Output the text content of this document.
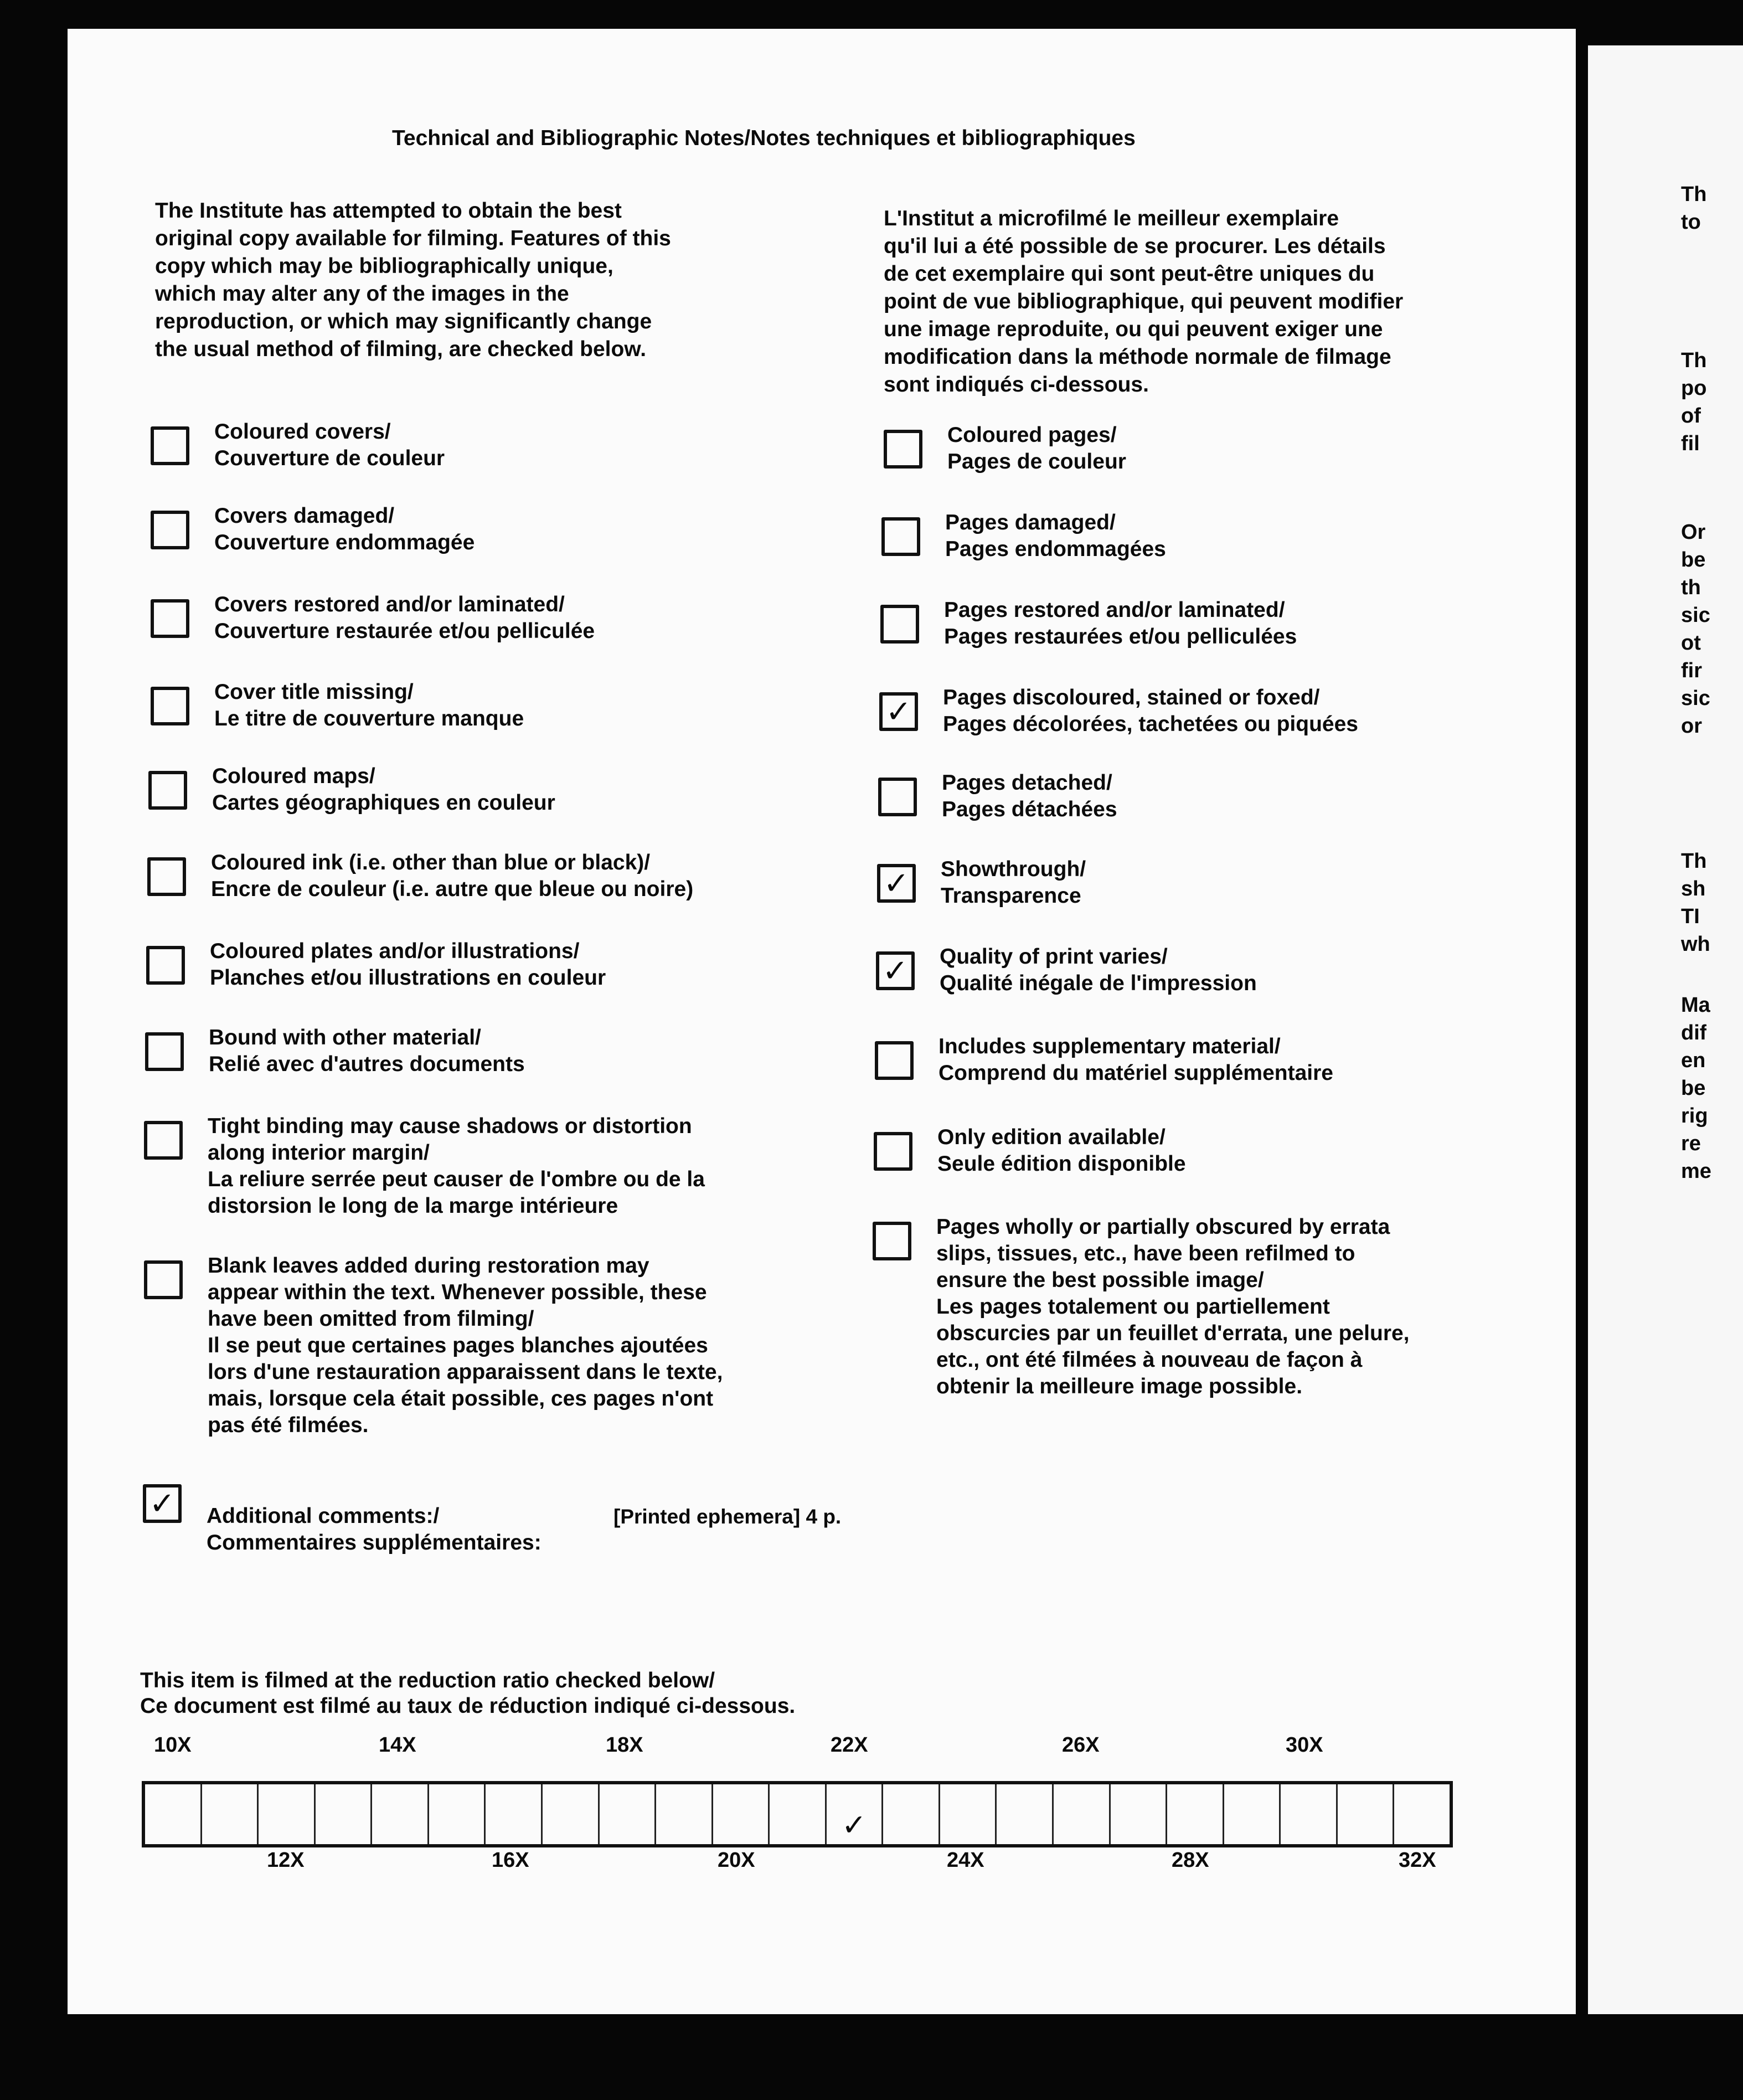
Technical and Bibliographic Notes/Notes techniques et bibliographiques
The Institute has attempted to obtain the best
original copy available for filming. Features of this
copy which may be bibliographically unique,
which may alter any of the images in the
reproduction, or which may significantly change
the usual method of filming, are checked below.
L'Institut a microfilmé le meilleur exemplaire
qu'il lui a été possible de se procurer. Les détails
de cet exemplaire qui sont peut-être uniques du
point de vue bibliographique, qui peuvent modifier
une image reproduite, ou qui peuvent exiger une
modification dans la méthode normale de filmage
sont indiqués ci-dessous.
Coloured covers/
Couverture de couleur
Covers damaged/
Couverture endommagée
Covers restored and/or laminated/
Couverture restaurée et/ou pelliculée
Cover title missing/
Le titre de couverture manque
Coloured maps/
Cartes géographiques en couleur
Coloured ink (i.e. other than blue or black)/
Encre de couleur (i.e. autre que bleue ou noire)
Coloured plates and/or illustrations/
Planches et/ou illustrations en couleur
Bound with other material/
Relié avec d'autres documents
Tight binding may cause shadows or distortion
along interior margin/
La reliure serrée peut causer de l'ombre ou de la
distorsion le long de la marge intérieure
Blank leaves added during restoration may
appear within the text. Whenever possible, these
have been omitted from filming/
Il se peut que certaines pages blanches ajoutées
lors d'une restauration apparaissent dans le texte,
mais, lorsque cela était possible, ces pages n'ont
pas été filmées.
Coloured pages/
Pages de couleur
Pages damaged/
Pages endommagées
Pages restored and/or laminated/
Pages restaurées et/ou pelliculées
✓ Pages discoloured, stained or foxed/
Pages décolorées, tachetées ou piquées
Pages detached/
Pages détachées
✓ Showthrough/
Transparence
✓ Quality of print varies/
Qualité inégale de l'impression
Includes supplementary material/
Comprend du matériel supplémentaire
Only edition available/
Seule édition disponible
Pages wholly or partially obscured by errata
slips, tissues, etc., have been refilmed to
ensure the best possible image/
Les pages totalement ou partiellement
obscurcies par un feuillet d'errata, une pelure,
etc., ont été filmées à nouveau de façon à
obtenir la meilleure image possible.
✓ Additional comments:/
Commentaires supplémentaires:

[Printed ephemera] 4 p.
This item is filmed at the reduction ratio checked below/
Ce document est filmé au taux de réduction indiqué ci-dessous.
10X	14X	18X	22X	26X	30X
✓
12X	16X	20X	24X	28X	32X
Th
to
Th
po
of
fil
Or
be
th
sic
ot
fir
sic
or
Th
sh
TI
wh
Ma
dif
en
be
rig
re
me
